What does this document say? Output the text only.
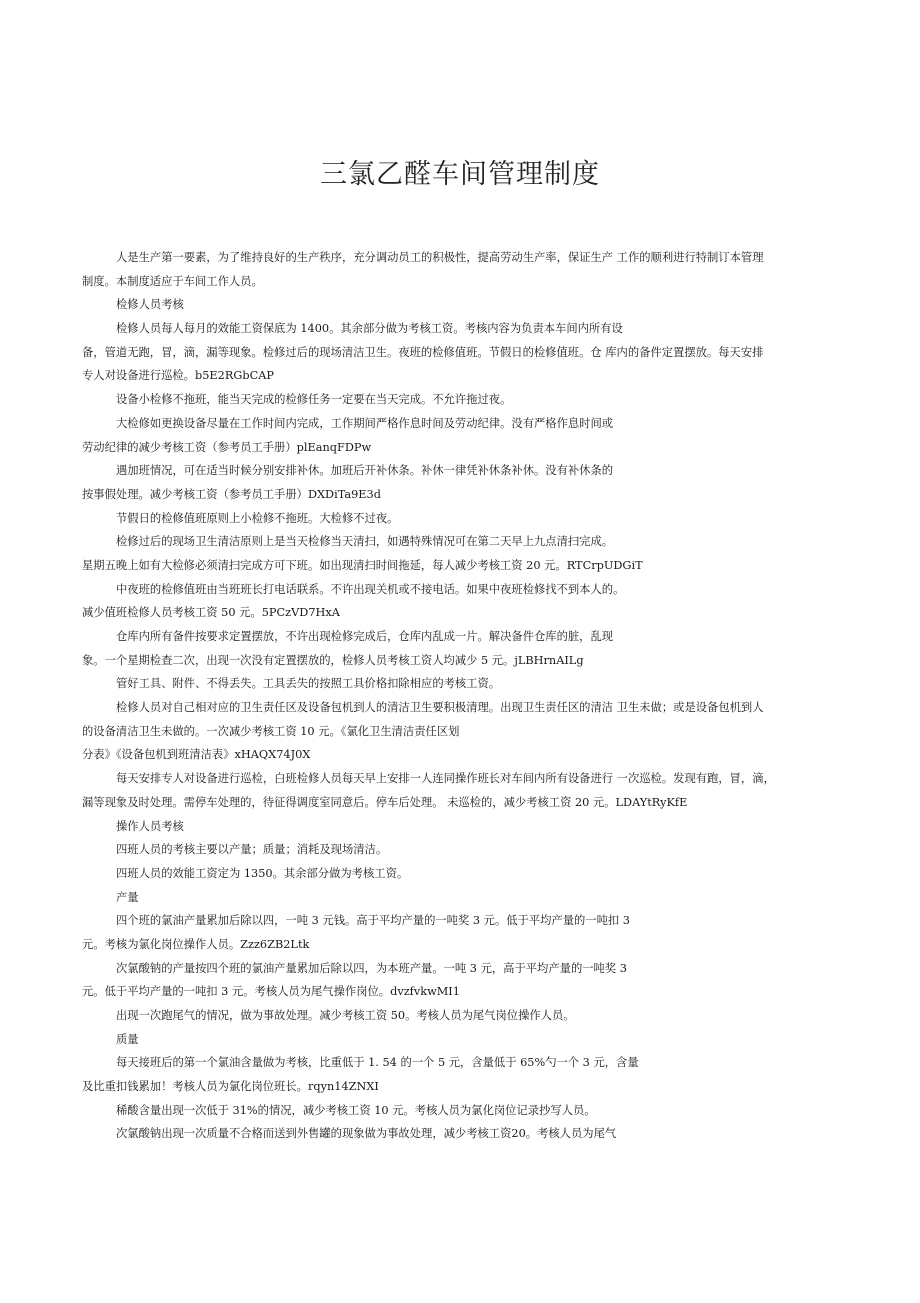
三氯乙醛车间管理制度
人是生产第一要素，为了维持良好的生产秩序，充分调动员工的积极性，提高劳动生产率，保证生产 工作的顺利进行特制订本管理
制度。本制度适应于车间工作人员。
检修人员考核
检修人员每人每月的效能工资保底为 1400。其余部分做为考核工资。考核内容为负责本车间内所有设
备，管道无跑，冒，滴，漏等现象。检修过后的现场清洁卫生。夜班的检修值班。节假日的检修值班。仓 库内的备件定置摆放。每天安排
专人对设备进行巡检。b5E2RGbCAP
设备小检修不拖班，能当天完成的检修任务一定要在当天完成。不允许拖过夜。
大检修如更换设备尽量在工作时间内完成，工作期间严格作息时间及劳动纪律。没有严格作息时间或
劳动纪律的减少考核工资（参考员工手册）plEanqFDPw
遇加班情况，可在适当时候分别安排补休。加班后开补休条。补休一律凭补休条补休。没有补休条的
按事假处理。减少考核工资（参考员工手册）DXDiTa9E3d
节假日的检修值班原则上小检修不拖班。大检修不过夜。
检修过后的现场卫生清洁原则上是当天检修当天清扫，如遇特殊情况可在第二天早上九点清扫完成。
星期五晚上如有大检修必须清扫完成方可下班。如出现清扫时间拖延，每人减少考核工资 20 元。RTCrpUDGiT
中夜班的检修值班由当班班长打电话联系。不许出现关机或不接电话。如果中夜班检修找不到本人的。
减少值班检修人员考核工资 50 元。5PCzVD7HxA
仓库内所有备件按要求定置摆放，不许出现检修完成后，仓库内乱成一片。解决备件仓库的脏，乱现
象。一个星期检查二次，出现一次没有定置摆放的，检修人员考核工资人均减少 5 元。jLBHrnAILg
管好工具、附件、不得丢失。工具丢失的按照工具价格扣除相应的考核工资。
检修人员对自己相对应的卫生责任区及设备包机到人的清洁卫生要积极清理。出现卫生责任区的清洁 卫生未做；或是设备包机到人
的设备清洁卫生未做的。一次减少考核工资 10 元。《氯化卫生清洁责任区划
分表》《设备包机到班清洁表》xHAQX74J0X
每天安排专人对设备进行巡检，白班检修人员每天早上安排一人连同操作班长对车间内所有设备进行 一次巡检。发现有跑，冒，滴，
漏等现象及时处理。需停车处理的，待征得调度室同意后。停车后处理。 未巡检的，减少考核工资 20 元。LDAYtRyKfE
操作人员考核
四班人员的考核主要以产量；质量；消耗及现场清洁。
四班人员的效能工资定为 1350。其余部分做为考核工资。
产量
四个班的氯油产量累加后除以四，一吨 3 元钱。高于平均产量的一吨奖 3 元。低于平均产量的一吨扣 3
元。考核为氯化岗位操作人员。Zzz6ZB2Ltk
次氯酸钠的产量按四个班的氯油产量累加后除以四，为本班产量。一吨 3 元，高于平均产量的一吨奖 3
元。低于平均产量的一吨扣 3 元。考核人员为尾气操作岗位。dvzfvkwMI1
出现一次跑尾气的情况，做为事故处理。减少考核工资 50。考核人员为尾气岗位操作人员。
质量
每天接班后的第一个氯油含量做为考核，比重低于 1. 54 的一个 5 元，含量低于 65%勺一个 3 元，含量
及比重扣钱累加！考核人员为氯化岗位班长。rqyn14ZNXI
稀酸含量出现一次低于 31%的情况，减少考核工资 10 元。考核人员为氯化岗位记录抄写人员。
次氯酸钠出现一次质量不合格而送到外售罐的现象做为事故处理，减少考核工资20。考核人员为尾气
